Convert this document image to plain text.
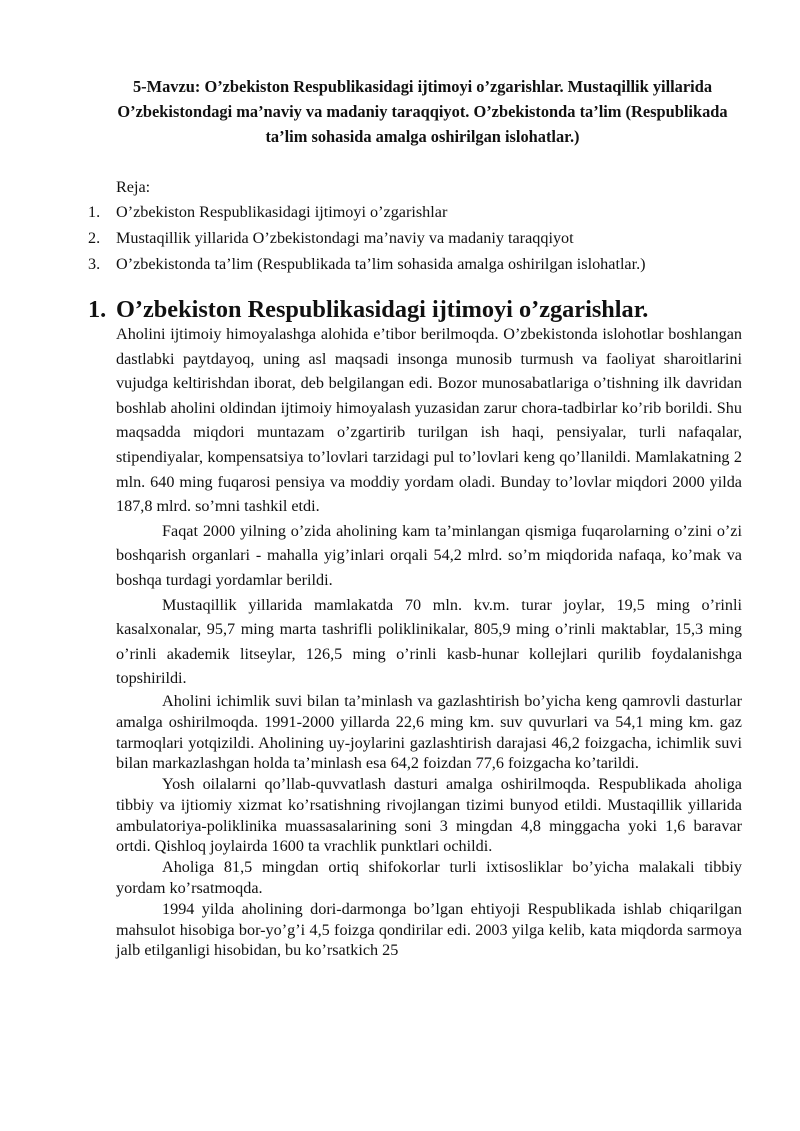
5-Mavzu: O’zbekiston Respublikasidagi ijtimoyi o’zgarishlar. Mustaqillik yillarida O’zbekistondagi ma’naviy va madaniy taraqqiyot. O’zbekistonda ta’lim (Respublikada ta’lim sohasida amalga oshirilgan islohatlar.)

Reja:

1. O’zbekiston Respublikasidagi ijtimoyi o’zgarishlar
2. Mustaqillik yillarida O’zbekistondagi ma’naviy va madaniy taraqqiyot
3. O’zbekistonda ta’lim (Respublikada ta’lim sohasida amalga oshirilgan islohatlar.)
1. O’zbekiston Respublikasidagi ijtimoyi o’zgarishlar.

Aholini ijtimoiy himoyalashga alohida e’tibor berilmoqda. O’zbekistonda islohotlar boshlangan dastlabki paytdayoq, uning asl maqsadi insonga munosib turmush va faoliyat sharoitlarini vujudga keltirishdan iborat, deb belgilangan edi. Bozor munosabatlariga o’tishning ilk davridan boshlab aholini oldindan ijtimoiy himoyalash yuzasidan zarur chora-tadbirlar ko’rib borildi. Shu maqsadda miqdori muntazam o’zgartirib turilgan ish haqi, pensiyalar, turli nafaqalar, stipendiyalar, kompensatsiya to’lovlari tarzidagi pul to’lovlari keng qo’llanildi. Mamlakatning 2 mln. 640 ming fuqarosi pensiya va moddiy yordam oladi. Bunday to’lovlar miqdori 2000 yilda 187,8 mlrd. so’mni tashkil etdi.

Faqat 2000 yilning o’zida aholining kam ta’minlangan qismiga fuqarolarning o’zini o’zi boshqarish organlari - mahalla yig’inlari orqali 54,2 mlrd. so’m miqdorida nafaqa, ko’mak va boshqa turdagi yordamlar berildi.

Mustaqillik yillarida mamlakatda 70 mln. kv.m. turar joylar, 19,5 ming o’rinli kasalxonalar, 95,7 ming marta tashrifli poliklinikalar, 805,9 ming o’rinli maktablar, 15,3 ming o’rinli akademik litseylar, 126,5 ming o’rinli kasb-hunar kollejlari qurilib foydalanishga topshirildi.

Aholini ichimlik suvi bilan ta’minlash va gazlashtirish bo’yicha keng qamrovli dasturlar amalga oshirilmoqda. 1991-2000 yillarda 22,6 ming km. suv quvurlari va 54,1 ming km. gaz tarmoqlari yotqizildi. Aholining uy-joylarini gazlashtirish darajasi 46,2 foizgacha, ichimlik suvi bilan markazlashgan holda ta’minlash esa 64,2 foizdan 77,6 foizgacha ko’tarildi.

Yosh oilalarni qo’llab-quvvatlash dasturi amalga oshirilmoqda. Respublikada aholiga tibbiy va ijtiomiy xizmat ko’rsatishning rivojlangan tizimi bunyod etildi. Mustaqillik yillarida ambulatoriya-poliklinika muassasalarining soni 3 mingdan 4,8 minggacha yoki 1,6 baravar ortdi. Qishloq joylairda 1600 ta vrachlik punktlari ochildi.

Aholiga 81,5 mingdan ortiq shifokorlar turli ixtisosliklar bo’yicha malakali tibbiy yordam ko’rsatmoqda.

1994 yilda aholining dori-darmonga bo’lgan ehtiyoji Respublikada ishlab chiqarilgan mahsulot hisobiga bor-yo’g’i 4,5 foizga qondirilar edi. 2003 yilga kelib, kata miqdorda sarmoya jalb etilganligi hisobidan, bu ko’rsatkich 25
